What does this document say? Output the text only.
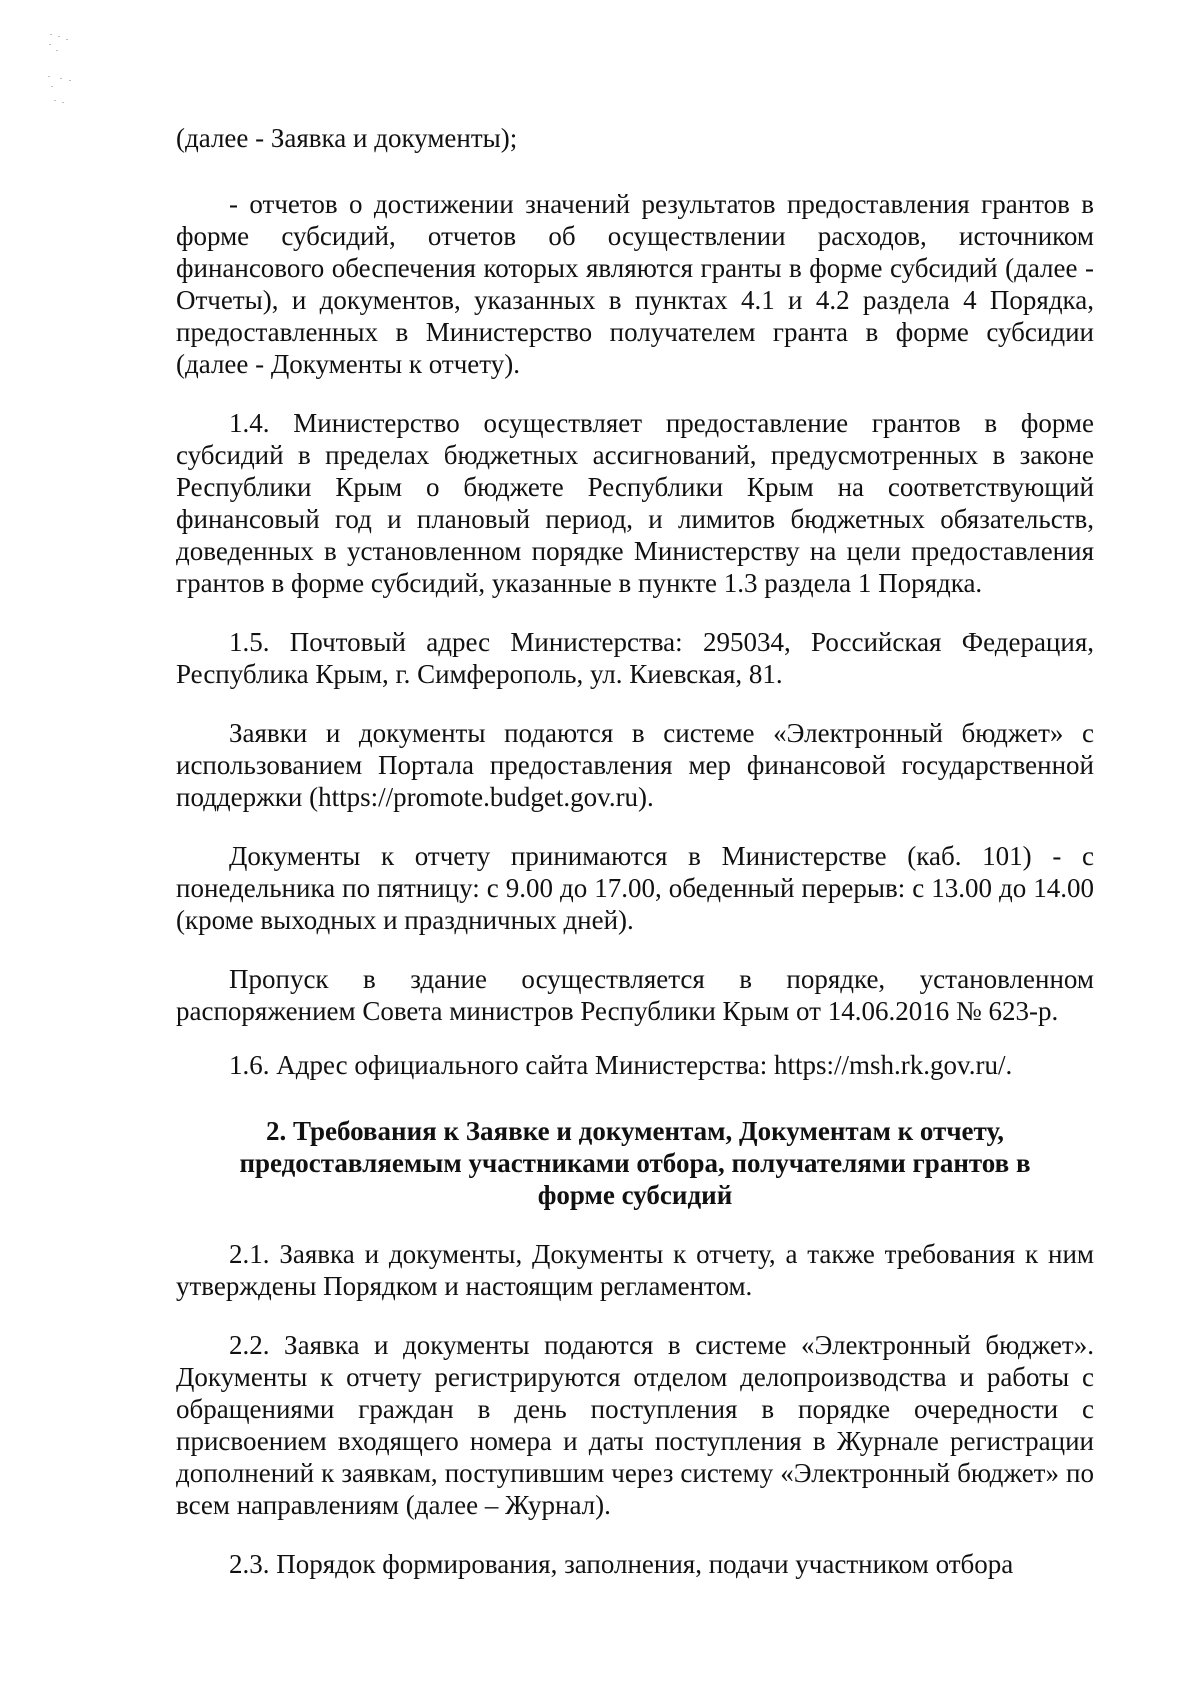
(далее - Заявка и документы);

- отчетов о достижении значений результатов предоставления грантов в форме субсидий, отчетов об осуществлении расходов, источником финансового обеспечения которых являются гранты в форме субсидий (далее - Отчеты), и документов, указанных в пунктах 4.1 и 4.2 раздела 4 Порядка, предоставленных в Министерство получателем гранта в форме субсидии (далее - Документы к отчету).

1.4. Министерство осуществляет предоставление грантов в форме субсидий в пределах бюджетных ассигнований, предусмотренных в законе Республики Крым о бюджете Республики Крым на соответствующий финансовый год и плановый период, и лимитов бюджетных обязательств, доведенных в установленном порядке Министерству на цели предоставления грантов в форме субсидий, указанные в пункте 1.3 раздела 1 Порядка.

1.5. Почтовый адрес Министерства: 295034, Российская Федерация, Республика Крым, г. Симферополь, ул. Киевская, 81.

Заявки и документы подаются в системе «Электронный бюджет» с использованием Портала предоставления мер финансовой государственной поддержки (https://promote.budget.gov.ru).

Документы к отчету принимаются в Министерстве (каб. 101) - с понедельника по пятницу: с 9.00 до 17.00, обеденный перерыв: с 13.00 до 14.00 (кроме выходных и праздничных дней).

Пропуск в здание осуществляется в порядке, установленном распоряжением Совета министров Республики Крым от 14.06.2016 № 623-р.

1.6. Адрес официального сайта Министерства: https://msh.rk.gov.ru/.

2. Требования к Заявке и документам, Документам к отчету, предоставляемым участниками отбора, получателями грантов в форме субсидий

2.1. Заявка и документы, Документы к отчету, а также требования к ним утверждены Порядком и настоящим регламентом.

2.2. Заявка и документы подаются в системе «Электронный бюджет». Документы к отчету регистрируются отделом делопроизводства и работы с обращениями граждан в день поступления в порядке очередности с присвоением входящего номера и даты поступления в Журнале регистрации дополнений к заявкам, поступившим через систему «Электронный бюджет» по всем направлениям (далее – Журнал).

2.3. Порядок формирования, заполнения, подачи участником отбора
